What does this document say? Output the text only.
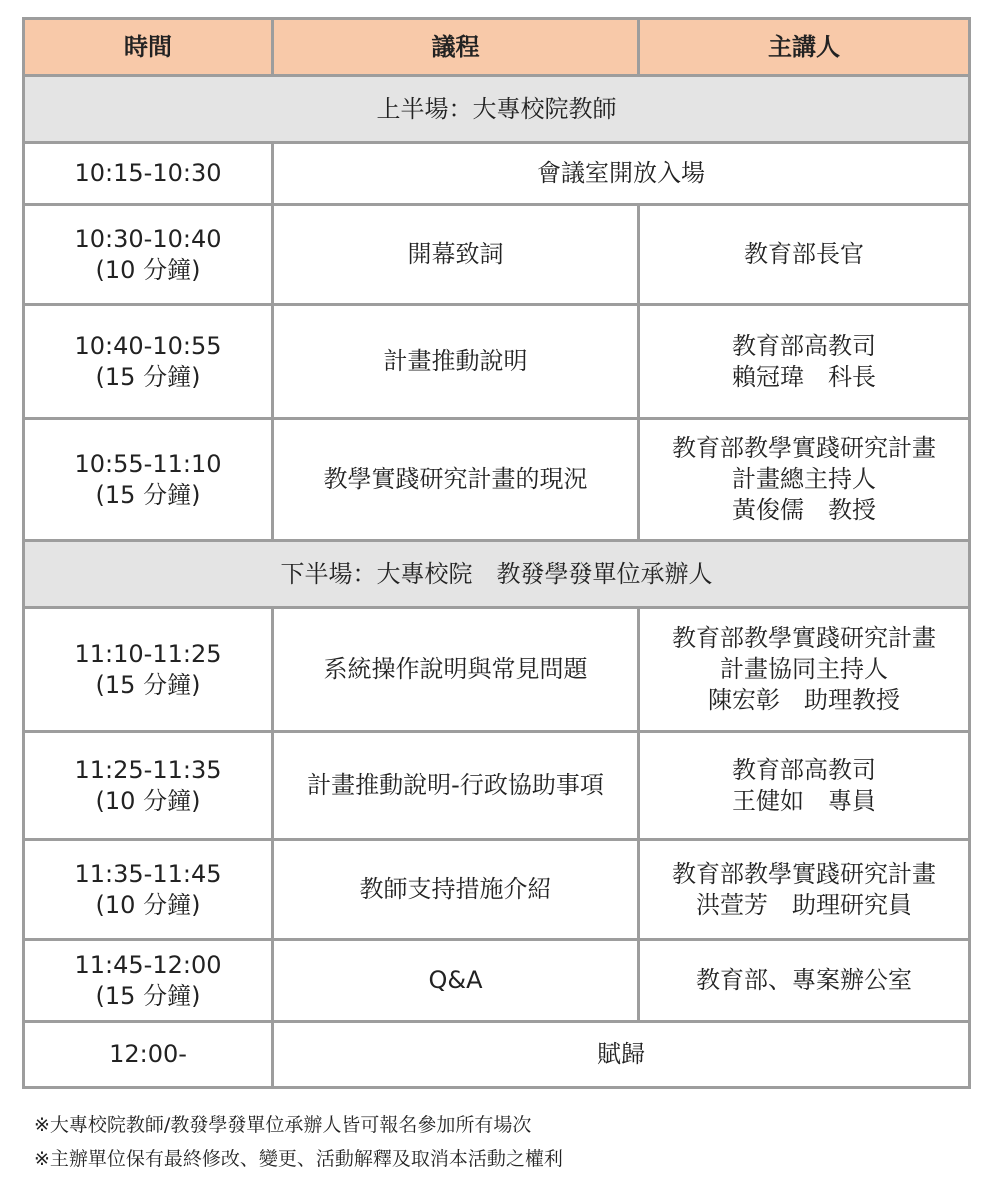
時間	議程	主講人
上半場：大專校院教師		

10:15-10:30	會議室開放入場	

10:30-10:40
(10 分鐘)	開幕致詞	教育部長官

10:40-10:55
(15 分鐘)	計畫推動說明	教育部高教司
賴冠瑋　科長

10:55-11:10
(15 分鐘)	教學實踐研究計畫的現況	教育部教學實踐研究計畫
計畫總主持人
黃俊儒　教授

下半場：大專校院　教發學發單位承辦人		

11:10-11:25
(15 分鐘)	系統操作說明與常見問題	教育部教學實踐研究計畫
計畫協同主持人
陳宏彰　助理教授

11:25-11:35
(10 分鐘)	計畫推動說明-行政協助事項	教育部高教司
王健如　專員

11:35-11:45
(10 分鐘)	教師支持措施介紹	教育部教學實踐研究計畫
洪萱芳　助理研究員

11:45-12:00
(15 分鐘)	Q&A	教育部、專案辦公室

12:00-	賦歸	
※大專校院教師/教發學發單位承辦人皆可報名參加所有場次
※主辦單位保有最終修改、變更、活動解釋及取消本活動之權利
